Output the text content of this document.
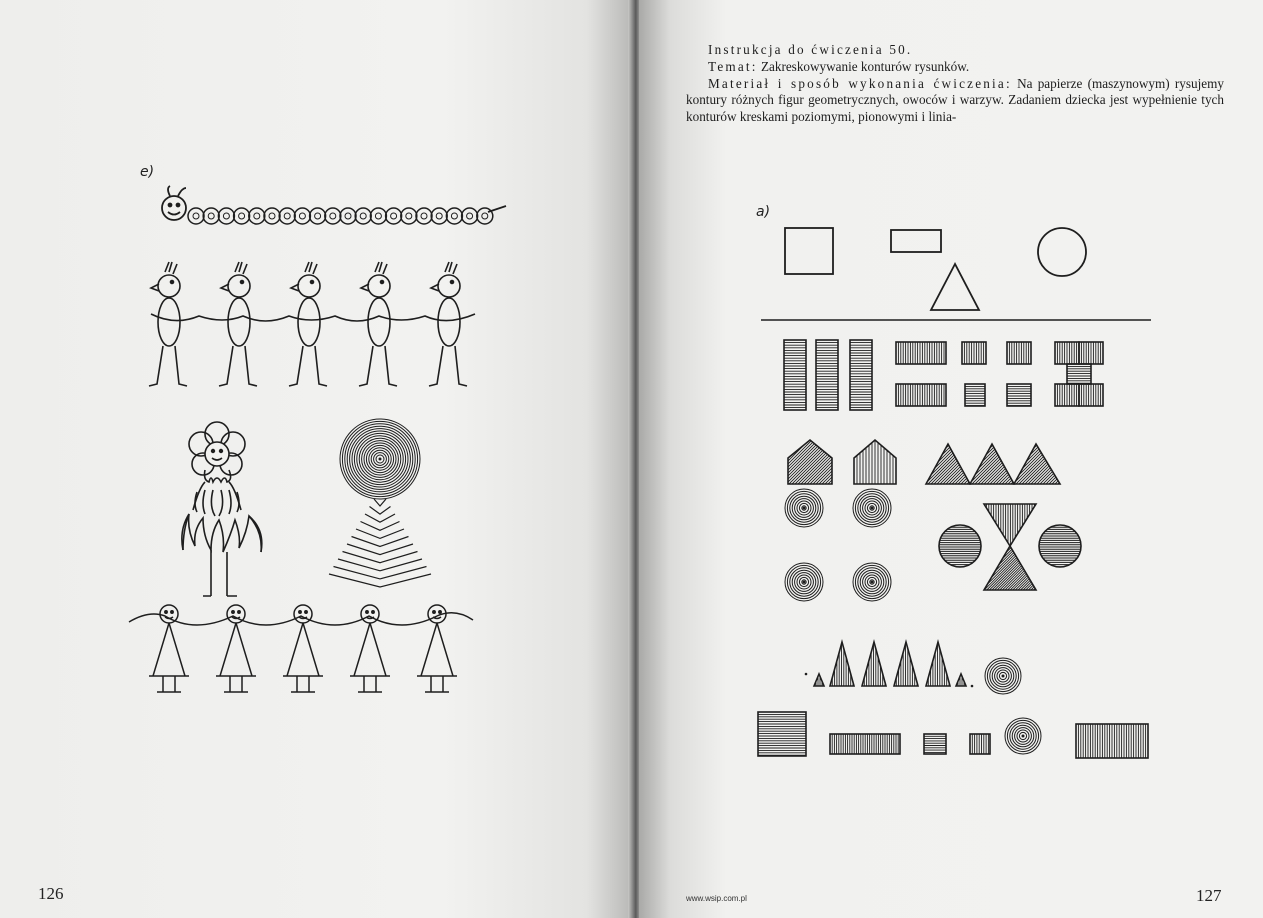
e)
126

Instrukcja do ćwiczenia 50.

Temat: Zakreskowywanie konturów rysunków.

Materiał i sposób wykonania ćwiczenia: Na papierze (maszynowym) rysujemy kontury różnych figur geometrycznych, owoców i warzyw. Zadaniem dziecka jest wypełnienie tych konturów kreskami poziomymi, pionowymi i linia-

a)
www.wsip.com.pl	127
